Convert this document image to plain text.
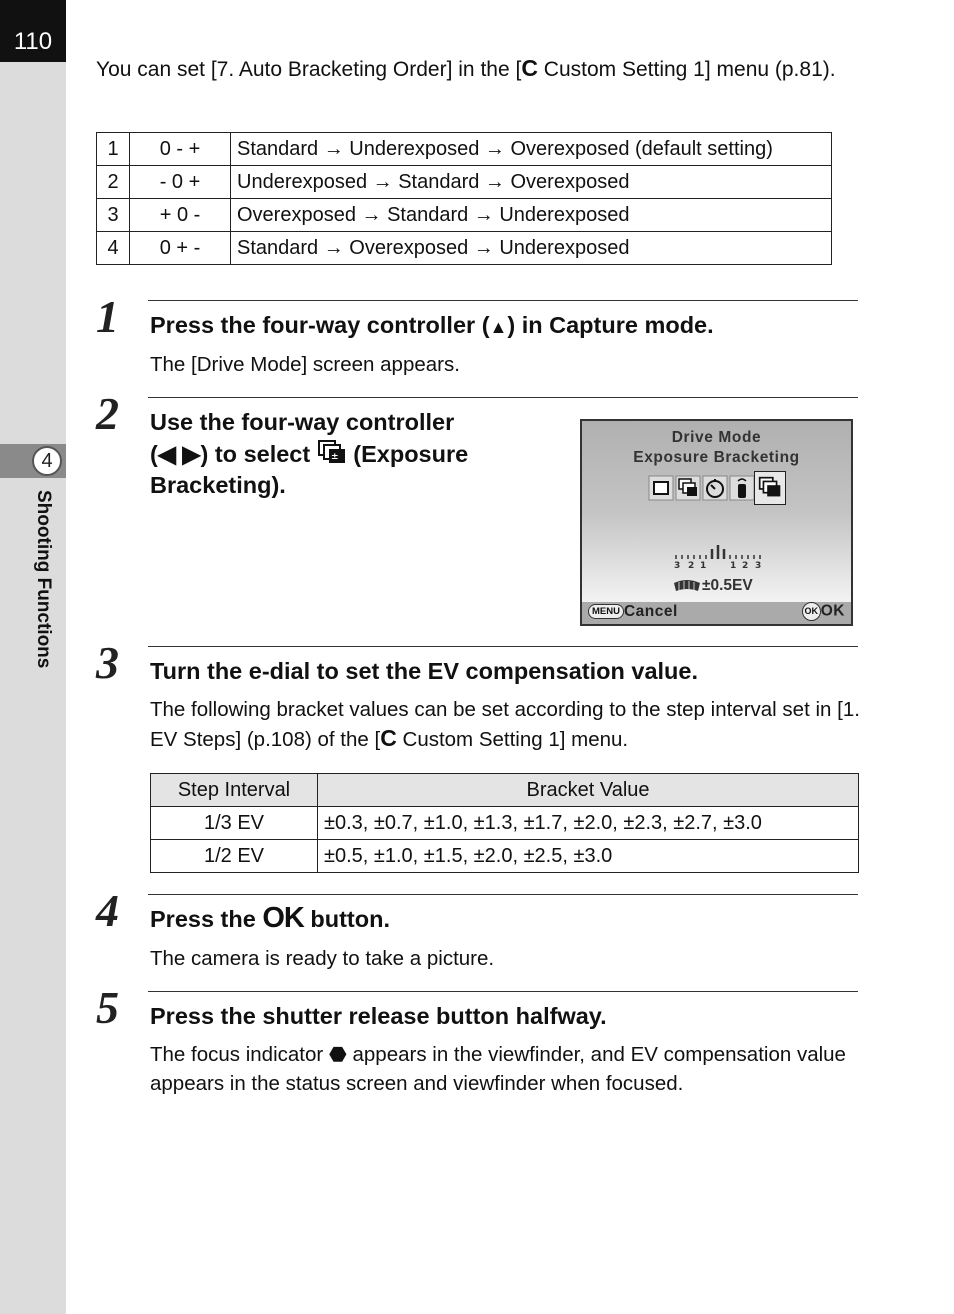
110
4
Shooting Functions
You can set [7. Auto Bracketing Order] in the [C Custom Setting 1] menu (p.81).
1	0 - +	Standard → Underexposed → Overexposed (default setting)
2	- 0 +	Underexposed → Standard → Overexposed
3	+ 0 -	Overexposed → Standard → Underexposed
4	0 + -	Standard → Overexposed → Underexposed
1 Press the four-way controller (▲) in Capture mode.
The [Drive Mode] screen appears.
2 Use the four-way controller
(◀ ▶) to select ± (Exposure
Bracketing).
Drive Mode
Exposure Bracketing
3 2 1	1 2 3
±0.5EV
MENU Cancel	OK OK
3 Turn the e-dial to set the EV compensation value.
The following bracket values can be set according to the step interval set in [1. EV Steps] (p.108) of the [C Custom Setting 1] menu.
Step Interval	Bracket Value
1/3 EV	±0.3, ±0.7, ±1.0, ±1.3, ±1.7, ±2.0, ±2.3, ±2.7, ±3.0
1/2 EV	±0.5, ±1.0, ±1.5, ±2.0, ±2.5, ±3.0
4 Press the OK button.
The camera is ready to take a picture.
5 Press the shutter release button halfway.
The focus indicator ⬣ appears in the viewfinder, and EV compensation value appears in the status screen and viewfinder when focused.
